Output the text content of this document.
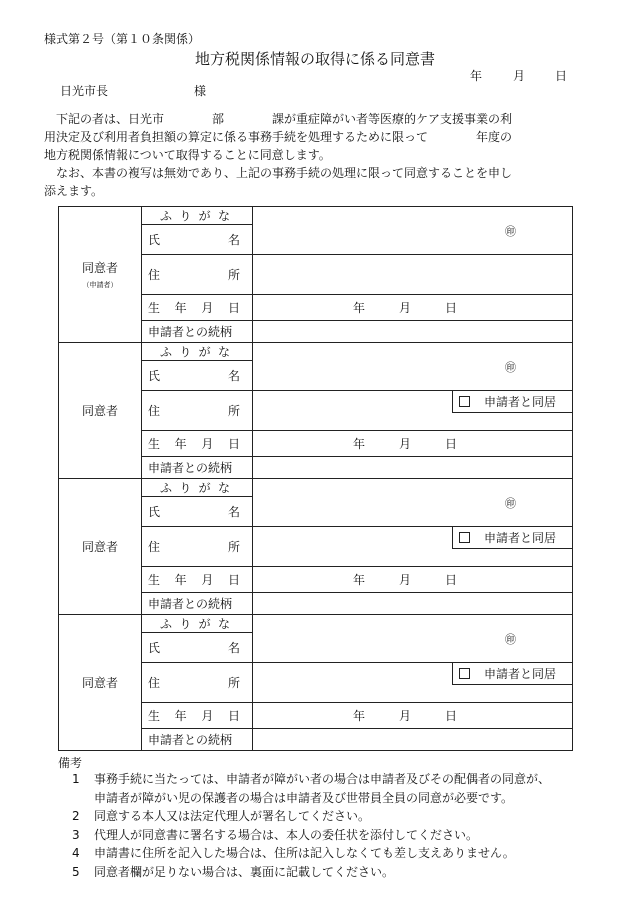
様式第２号（第１０条関係）
地方税関係情報の取得に係る同意書
年	月 日
日光市長	様

下記の者は、日光市　　　　部　　　　課が重症障がい者等医療的ケア支援事業の利

用決定及び利用者負担額の算定に係る事務手続を処理するために限って　　　　年度の

地方税関係情報について取得することに同意します。

なお、本書の複写は無効であり、上記の事務手続の処理に限って同意することを申し

添えます。

同意者
（申請者）	ふ り が な	㊞

	氏 名	

	住 所	

	生 年 月 日	年 月 日

	申請者との続柄	
同意者	ふ り が な	㊞

	氏 名	

	住 所	申請者と同居

	生 年 月 日	年 月 日

	申請者との続柄	
同意者	ふ り が な	㊞

	氏 名	

	住 所	申請者と同居

	生 年 月 日	年 月 日

	申請者との続柄	
同意者	ふ り が な	㊞

	氏 名	

	住 所	申請者と同居

	生 年 月 日	年 月 日

	申請者との続柄	
備考
1	事務手続に当たっては、申請者が障がい者の場合は申請者及びその配偶者の同意が、
申請者が障がい児の保護者の場合は申請者及び世帯員全員の同意が必要です。
2	同意する本人又は法定代理人が署名してください。
3	代理人が同意書に署名する場合は、本人の委任状を添付してください。
4	申請書に住所を記入した場合は、住所は記入しなくても差し支えありません。
5	同意者欄が足りない場合は、裏面に記載してください。
